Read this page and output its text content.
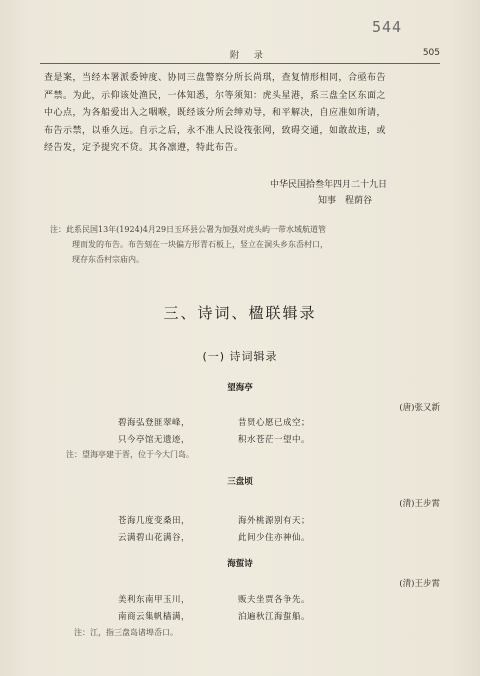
544
附 录	505
查是案，当经本署派委钟度、协同三盘警察分所长尚琪，查复情形相同，合亟布告
严禁。为此，示仰该处渔民，一体知悉，尔等须知：虎头星港，系三盘全区东面之
中心点，为各船爱出入之咽喉，既经该分所会绅劝导，和平解决，自应准如所请，
布告示禁，以垂久远。自示之后，永不准人民设筏张网，致碍交通，如敢故违，或
经告发，定予提究不贷。其各凛遵，特此布告。
中华民国拾叁年四月二十九日
知事　程荫谷
注：此系民国13年(1924)4月29日玉环县公署为加强对虎头屿一带水域航道管
理而发的布告。布告刻在一块偏方形青石板上，竖立在洞头乡东岙村口，
现存东岙村宗庙内。
三、诗词、楹联辑录
(一) 诗词辑录
望海亭
(唐)张又新
碧海弘登匪翠峰，	昔贤心愿已成空；
只今亭馆无遗迹，	积水苍茫一望中。
注：望海亭建于晋，位于今大门岛。
三盘顷
(清)王步霄
苍海几度变桑田，	海外桃源别有天；
云满碧山花满谷，	此间少住亦神仙。
海蜇诗
(清)王步霄
美利东南甲玉川，	贩夫坐贾各争先。
南商云集帆樯满，	泊遍秋江海蜇船。
注：江，指三盘岛诸埠岙口。
